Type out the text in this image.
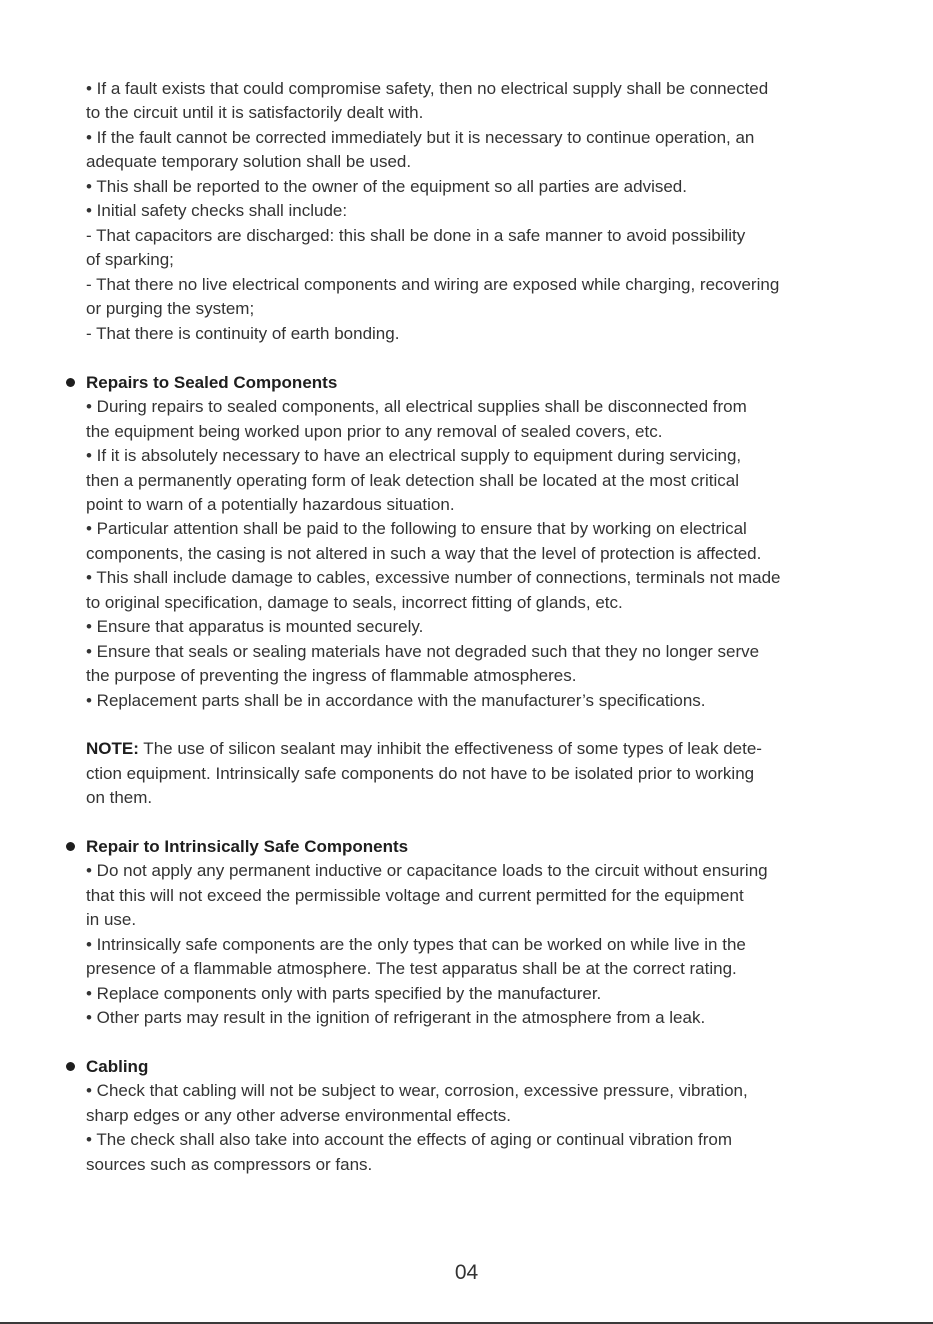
• If a fault exists that could compromise safety, then no electrical supply shall be connected
to the circuit until it is satisfactorily dealt with.
• If the fault cannot be corrected immediately but it is necessary to continue operation, an
adequate temporary solution shall be used.
• This shall be reported to the owner of the equipment so all parties are advised.
• Initial safety checks shall include:
- That capacitors are discharged: this shall be done in a safe manner to avoid possibility
of sparking;
- That there no live electrical components and wiring are exposed while charging, recovering
or purging the system;
- That there is continuity of earth bonding.
Repairs to Sealed Components
• During repairs to sealed components, all electrical supplies shall be disconnected from
the equipment being worked upon prior to any removal of sealed covers, etc.
• If it is absolutely necessary to have an electrical supply to equipment during servicing,
then a permanently operating form of leak detection shall be located at the most critical
point to warn of a potentially hazardous situation.
• Particular attention shall be paid to the following to ensure that by working on electrical
components, the casing is not altered in such a way that the level of protection is affected.
• This shall include damage to cables, excessive number of connections, terminals not made
to original specification, damage to seals, incorrect fitting of glands, etc.
• Ensure that apparatus is mounted securely.
• Ensure that seals or sealing materials have not degraded such that they no longer serve
the purpose of preventing the ingress of flammable atmospheres.
• Replacement parts shall be in accordance with the manufacturer’s specifications.
NOTE: The use of silicon sealant may inhibit the effectiveness of some types of leak dete-
ction equipment. Intrinsically safe components do not have to be isolated prior to working
on them.
Repair to Intrinsically Safe Components
• Do not apply any permanent inductive or capacitance loads to the circuit without ensuring
that this will not exceed the permissible voltage and current permitted for the equipment
in use.
• Intrinsically safe components are the only types that can be worked on while live in the
presence of a flammable atmosphere. The test apparatus shall be at the correct rating.
• Replace components only with parts specified by the manufacturer.
• Other parts may result in the ignition of refrigerant in the atmosphere from a leak.
Cabling
• Check that cabling will not be subject to wear, corrosion, excessive pressure, vibration,
sharp edges or any other adverse environmental effects.
• The check shall also take into account the effects of aging or continual vibration from
sources such as compressors or fans.
04
